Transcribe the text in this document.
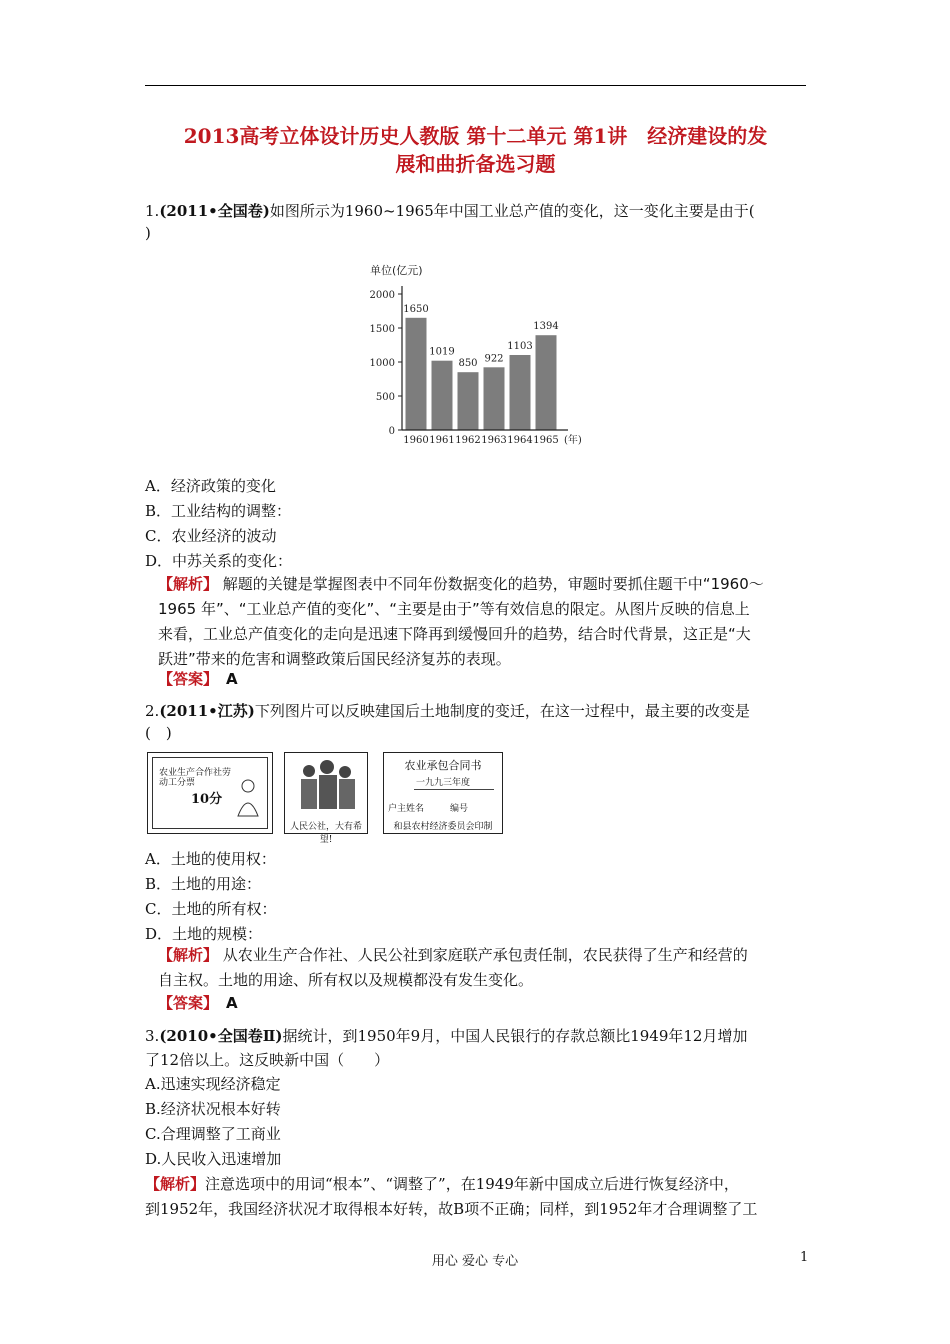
2013高考立体设计历史人教版 第十二单元 第1讲　经济建设的发
展和曲折备选习题
1.(2011•全国卷)如图所示为1960~1965年中国工业总产值的变化，这一变化主要是由于(
)
单位(亿元)
0
500
1000
1500
2000
1650
1019
850 922
1103
1394
1960 1961 1962 1963 1964 1965 (年)
A．经济政策的变化
B．工业结构的调整：
C．农业经济的波动
D．中苏关系的变化：
【解析】 解题的关键是掌握图表中不同年份数据变化的趋势，审题时要抓住题干中“1960～
1965 年”、“工业总产值的变化”、“主要是由于”等有效信息的限定。从图片反映的信息上
来看，工业总产值变化的走向是迅速下降再到缓慢回升的趋势，结合时代背景，这正是“大
跃进”带来的危害和调整政策后国民经济复苏的表现。
【答案】 A
2.(2011•江苏)下列图片可以反映建国后土地制度的变迁，在这一过程中，最主要的改变是
(　)
农业生产合作社劳动工分票
10分
人民公社，大有希望!
农业承包合同书
一九九三年度
户主姓名	编号
和县农村经济委员会印制
A．土地的使用权：
B．土地的用途：
C．土地的所有权：
D．土地的规模：
【解析】 从农业生产合作社、人民公社到家庭联产承包责任制，农民获得了生产和经营的
自主权。土地的用途、所有权以及规模都没有发生变化。
【答案】 A
3.(2010•全国卷Ⅱ)据统计，到1950年9月，中国人民银行的存款总额比1949年12月增加
了12倍以上。这反映新中国（　　）
A.迅速实现经济稳定
B.经济状况根本好转
C.合理调整了工商业
D.人民收入迅速增加
【解析】注意选项中的用词“根本”、“调整了”，在1949年新中国成立后进行恢复经济中，
到1952年，我国经济状况才取得根本好转，故B项不正确；同样，到1952年才合理调整了工
用心 爱心 专心	1
